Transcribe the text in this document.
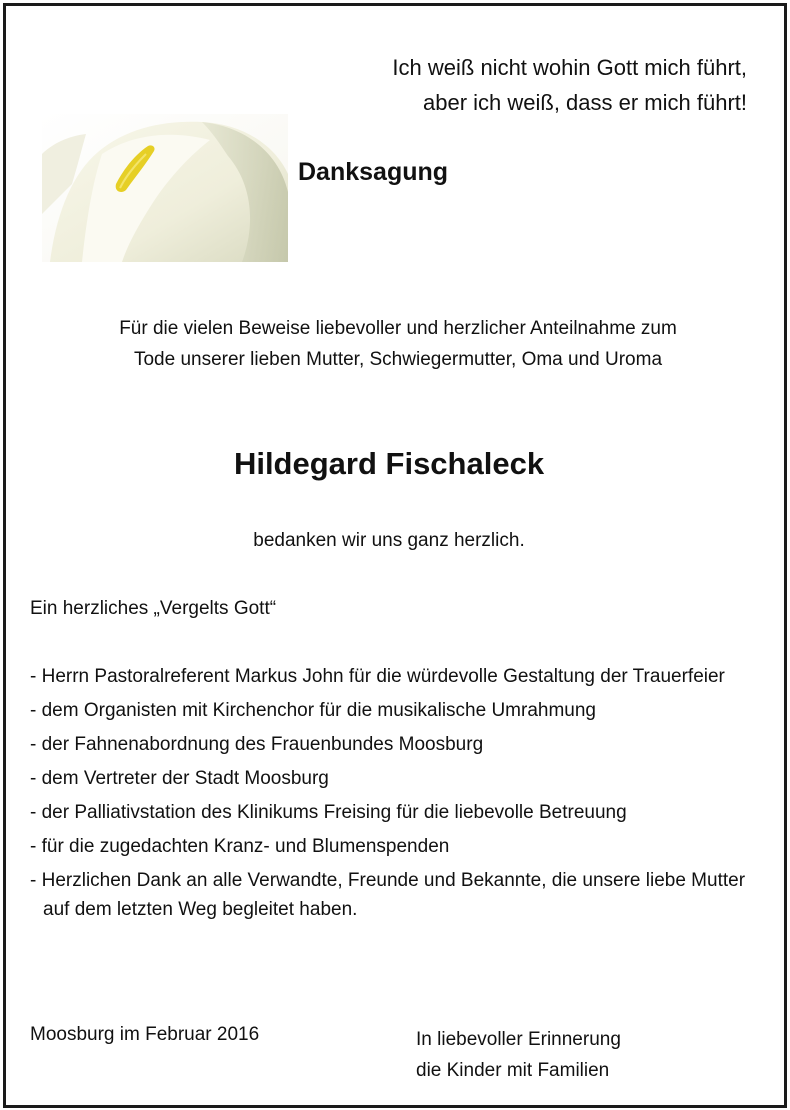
Ich weiß nicht wohin Gott mich führt,
aber ich weiß, dass er mich führt!
Danksagung
Für die vielen Beweise liebevoller und herzlicher Anteilnahme zum
Tode unserer lieben Mutter, Schwiegermutter, Oma und Uroma
Hildegard Fischaleck
bedanken wir uns ganz herzlich.
Ein herzliches „Vergelts Gott“
- Herrn Pastoralreferent Markus John für die würdevolle Gestaltung der Trauerfeier
- dem Organisten mit Kirchenchor für die musikalische Umrahmung
- der Fahnenabordnung des Frauenbundes Moosburg
- dem Vertreter der Stadt Moosburg
- der Palliativstation des Klinikums Freising für die liebevolle Betreuung
- für die zugedachten Kranz- und Blumenspenden
- Herzlichen Dank an alle Verwandte, Freunde und Bekannte, die unsere liebe Mutter auf dem letzten Weg begleitet haben.
Moosburg im Februar 2016	In liebevoller Erinnerung
die Kinder mit Familien
